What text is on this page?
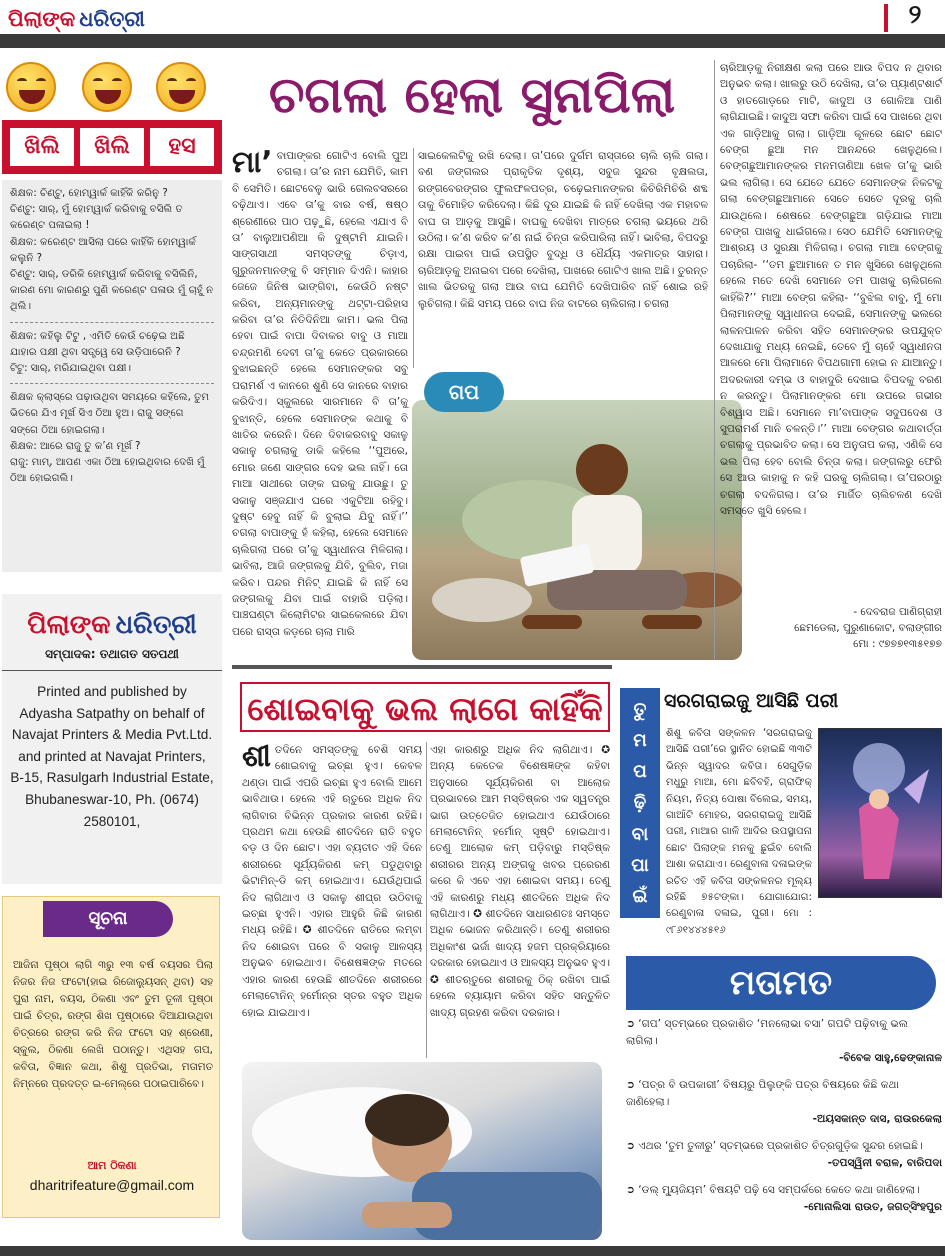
ପିଲାଙ୍କ ଧରିତ୍ରୀ	୨
ଖିଲି	ଖିଲି	ହସ

ଶିକ୍ଷକ: ଚିଣ୍ଟୁ, ହୋମ୍‌ୱାର୍କ କାହିଁକି କରିନୁ ?

ଚିଣ୍ଟୁ: ସାର୍, ମୁଁ ହୋମ୍‌ୱାର୍କ କରିବାକୁ ବସିଲି ତ କରେଣ୍ଟ ପଳାଇଲା !

ଶିକ୍ଷକ: କରେଣ୍ଟ ଆସିଲା ପରେ କାହିଁକି ହୋମ୍‌ୱାର୍କ କଲୁନି ?

ଚିଣ୍ଟୁ: ସାର୍, ଡରିକି ହୋମ୍‌ୱାର୍କ କରିବାକୁ ବସିଲିନି, କାରଣ ମୋ କାରଣରୁ ପୁଣି କରେଣ୍ଟ ପଳାଉ ମୁଁ ଚାହୁଁ ନ ଥିଲି।

ଶିକ୍ଷକ: କହିଲୁ ଟିଟୁ , ଏମିତି କେଉଁ ଚଢ଼େଇ ଅଛି ଯାହାର ପକ୍ଷୀ ଥିବା ସତ୍ତ୍ୱେ ସେ ଉଡ଼ିପାରେନି ?

ଟିଟୁ: ସାର୍, ମରିଯାଇଥିବା ପକ୍ଷୀ।

ଶିକ୍ଷକ କ୍ଲାସ୍‌ରେ ପଢ଼ାଉଥିବା ସମୟରେ କହିଲେ, ତୁମ ଭିତରେ ଯିଏ ମୂର୍ଖ ସିଏ ଠିଆ ହୁଅ। ରାଜୁ ସଙ୍ଗେ ସଙ୍ଗେ ଠିଆ ହୋଇଗଲା।

ଶିକ୍ଷକ: ଆରେ ରାଜୁ ତୁ କ’ଣ ମୂର୍ଖ ?

ରାଜୁ: ମାମ୍, ଆପଣ ଏକା ଠିଆ ହୋଇଥିବାର ଦେଖି ମୁଁ ଠିଆ ହୋଇଗଲି।

ପିଲାଙ୍କ ଧରିତ୍ରୀ
ସମ୍ପାଦକ: ତଥାଗତ ସତପଥୀ
Printed and published by Adyasha Satpathy on behalf of Navajat Printers & Media Pvt.Ltd. and printed at Navajat Printers, B-15, Rasulgarh Industrial Estate, Bhubaneswar-10, Ph. (0674) 2580101,
ସୂଚନା
ଆଜିନା ପୃଷ୍ଠା ଲାଗି ୩ରୁ ୧୩ ବର୍ଷ ବୟସର ପିଲା ନିଜର ନିଜ ଫଟୋ(ହାଇ ରିଜୋଲ୍ୟୁସନ୍ ଥିବା) ସହ ପୁରା ନାମ, ବୟସ, ଠିକଣା ଏବଂ ତୁମ ତୂଳୀ ପୃଷ୍ଠା ପାଇଁ ଚିତ୍ର, ରଙ୍ଗ ଶିଖ ପୃଷ୍ଠାରେ ଦିଆଯାଉଥିବା ଚିତ୍ରରେ ରଙ୍ଗ କରି ନିଜ ଫଟୋ ସହ ଶ୍ରେଣୀ, ସ୍କୁଲ, ଠିକଣା ଲେଖି ପଠାନ୍ତୁ। ଏଥିସହ ଗପ, କବିତା, ବିଜ୍ଞାନ କଥା, ଶିଶୁ ପ୍ରତିଭା, ମତାମତ ନିମ୍ନରେ ପ୍ରଦତ୍ତ ଇ-ମେଲ୍‌ରେ ପଠାଇପାରିବେ।
ଆମ ଠିକଣା
dharitrifeature@gmail.com
ଚଗଲା ହେଲା ସୁନାପିଲା
ମା’ ବାପାଙ୍କର ଗୋଟିଏ ବୋଲି ପୁଅ ଚଗଲା। ତା’ର ନାମ ଯେମିତି, କାମ ବି ସେମିତି। ଛୋଟବେଳୁ ଭାରି ଗେଲବସରରେ ବଢ଼ିଥାଏ। ଏବେ ତା’କୁ ବାର ବର୍ଷ, ଷଷ୍ଠ ଶ୍ରେଣୀରେ ପାଠ ପଢ଼ୁଛି, ହେଲେ ଏଯାଏ ବି ତା’ ବାଲୁଆପଣିଆ କି ଦୁଷ୍ଟାମି ଯାଇନି। ସାଙ୍ଗସାଥୀ ସମସ୍ତଙ୍କୁ ଚିଡ଼ାଏ, ଗୁରୁଜନମାନଙ୍କୁ ବି ସମ୍ମାନ ଦିଏନି। କାହାର ଜେଜେ ଜିନିଷ ଭାଙ୍ଗିବା, କେଉଁଠି ନଷ୍ଟ କରିବା, ଅନ୍ୟମାନଙ୍କୁ ଥଟ୍ଟା-ପରିହାସ କରିବା ତା’ର ନିତିଦିନିଆ କାମ। ଭଲ ପିଲା ହେବା ପାଇଁ ବାପା ଦିବାକର ବାବୁ ଓ ମାଆ ଚନ୍ଦ୍ରମଣି ଦେବୀ ତା’କୁ କେତେ ପ୍ରକାରରେ ବୁଝାଇଛନ୍ତି ହେଲେ ସେମାନଙ୍କର ସବୁ ପରାମର୍ଶ ଏ କାନରେ ଶୁଣି ସେ କାନରେ ବାହାର କରିଦିଏ। ସ୍କୁଲରେ ସାରମାନେ ବି ତା’କୁ ବୁଝାନ୍ତି, ହେଲେ ସେମାନଙ୍କ କଥାକୁ ବି ଖାତିର କରେନି। ଦିନେ ଦିବାକରବାବୁ ସକାଳୁ ସକାଳୁ ଚଗଲାକୁ ଡାକି କହିଲେ ‘‘ପୁଅରେ, ମୋର ଜଣେ ସାଙ୍ଗର ଦେହ ଭଲ ନାହିଁ। ତୋ ମାଆ ସାଥୀରେ ତାଙ୍କ ଘରକୁ ଯାଉଛୁ। ତୁ ସକାଳୁ ସଞ୍ଜଯାଏ ଘରେ ଏକୁଟିଆ ରହିବୁ। ଦୁଷ୍ଟ ହେବୁ ନାହିଁ କି ବୁଲାଇ ଯିବୁ ନାହିଁ।’’ ଚଗଲା ବାପାଙ୍କୁ ହଁ କହିଲା, ହେଲେ ସେମାନେ ଚାଲିଗଲା ପରେ ତା’କୁ ସ୍ୱାଧୀନତା ମିଳିଗଲା। ଭାବିଲା, ଆଜି ଜଙ୍ଗଲକୁ ଯିବି, ବୁଲିବ, ମଜା କରିବ। ପନ୍ଦର ମିନିଟ୍ ଯାଇଛି କି ନାହିଁ ସେ ଜଙ୍ଗଲକୁ ଯିବା ପାଇଁ ବାହାରି ପଡ଼ିଲା। ପାଞ୍ଚଘଣ୍ଟା କିଲୋମିଟର ସାଇକେଲରେ ଯିବା ପରେ ରାସ୍ତା କଡ଼ରେ ଚାଲା ମାରି
ସାଇକେଲଟିକୁ ରଖି ଦେଲା। ତା’ପରେ ଦୁର୍ଗମ ରାସ୍ତାରେ ଚାଲି ଚାଲି ଗଲା। ବଣ ଜଙ୍ଗଲର ପ୍ରାକୃତିକ ଦୃଶ୍ୟ, ସବୁଜ ସୁନ୍ଦର ବୃକ୍ଷଲତା, ରଙ୍ଗବେରଙ୍ଗର ଫୁଲଫଳପତ୍ର, ଚଢ଼େଇମାନଙ୍କର କିଚିରିମିଚିରି ଶବ୍ଦ ତାକୁ ବିମୋହିତ କରିଦେଲା। କିଛି ଦୂର ଯାଇଛି କି ନାହିଁ ଦେଖିଲା ଏକ ମହାବଳ ବାଘ ତା ଆଡ଼କୁ ଆସୁଛି। ବାଘକୁ ଦେଖିବା ମାତ୍ରେ ଚଗଲା ଭୟରେ ଥରି ଉଠିଲା। କ’ଣ କରିବ କ’ଣ ନାଇଁ ଚିନ୍ତା କରିପାରିଲା ନାହିଁ। ଭାବିଲା, ବିପଦରୁ ରକ୍ଷା ପାଇବା ପାଇଁ ଉପସ୍ଥିତ ବୁଦ୍ଧି ଓ ଧୈର୍ଯ୍ୟ ଏକମାତ୍ର ସାହାରା। ଚାରିଆଡ଼କୁ ଅନାଇବା ପରେ ଦେଖିଲା, ପାଖରେ ଗୋଟିଏ ଖାଲ ଅଛି। ତୁରନ୍ତ ଖାଲ ଭିତରକୁ ଗଲା ଆଉ ବାଘ ଯେମିତି ଦେଖିପାରିବ ନାହିଁ ଶୋଇ ରହି ଲୁଚିଗଲା। କିଛି ସମୟ ପରେ ବାଘ ନିଜ ବାଟରେ ଚାଲିଗଲା। ଚଗଲା
ଗପ
ଚାରିଆଡ଼କୁ ନିରୀକ୍ଷଣ କଲା ପରେ ଆଉ ବିପଦ ନ ଥିବାର ଅନୁଭବ କଲା। ଖାଲରୁ ଉଠି ଦେଖିଲା, ତା’ର ପ୍ୟାଣ୍ଟଶାର୍ଟ ଓ ହାତଗୋଡ଼ରେ ମାଟି, କାଦୁଅ ଓ ଗୋଳିଆ ପାଣି ଲାଗିଯାଇଛି। କାଦୁଅ ସଫା କରିବା ପାଇଁ ସେ ପାଖରେ ଥିବା ଏକ ଗାଡ଼ିଆକୁ ଗଲା। ଗାଡ଼ିଆ କୂଳରେ ଛୋଟ ଛୋଟ ବେଙ୍ଗ ଛୁଆ ମନ ଆନନ୍ଦରେ ଖେଳୁଥିଲେ। ବେଙ୍ଗଛୁଆମାନଙ୍କର ମନମତାଣିଆ ଖେଳ ତା’କୁ ଭାରି ଭଲ ଲାଗିଲା। ସେ ଯେତେ ଯେତେ ସେମାନଙ୍କ ନିକଟକୁ ଗଲା ବେଙ୍ଗଛୁଆମାନେ ସେତେ ସେତେ ଦୂରକୁ ଚାଲି ଯାଉଥିଲେ। ଶେଷରେ ବେଙ୍ଗଛୁଆ ଗଡ଼ିଯାଇ ମାଆ ବେଙ୍ଗ ପାଖକୁ ଧାଇଁଗଲେ। ସେଠ ଯେମିତି ସେମାନଙ୍କୁ ଆଶ୍ରୟ ଓ ସୁରକ୍ଷା ମିଳିଗଲା। ଚଗଲା ମାଆ ବେଙ୍ଗକୁ ପଚାରିଲା- ‘‘ତମ ଛୁଆମାନେ ତ ମନ ଖୁସିରେ ଖେଳୁଥିଲେ ହେଲେ ମତେ ଦେଖି ସେମାନେ ତମ ପାଖକୁ ଚାଲିଗଲେ କାହିଁକି?’’ ମାଆ ବେଙ୍ଗ କହିଲା- ‘‘ବୁଝିଲ ବାବୁ, ମୁଁ ମୋ ପିଲାମାନଙ୍କୁ ସ୍ୱାଧୀନତା ଦେଇଛି, ସେମାନଙ୍କୁ ଭଲରେ ଲାଳନପାଳନ କରିବା ସହିତ ସେମାନଙ୍କର ଉପଯୁକ୍ତ ଦେଖାଯାକୁ ମଧ୍ୟ ନେଇଛି, ତେବେ ମୁଁ ଚାହେଁ ସ୍ୱାଧୀନତା ଆଳରେ ମୋ ପିଲାମାନେ ବିପଥଗାମୀ ହୋଇ ନ ଯାଆନ୍ତୁ। ଅଦରକାରୀ ଦମ୍ଭ ଓ ବାହାଦୁରି ଦେଖାଇ ବିପଦକୁ ବରଣ ନ କରନ୍ତୁ। ପିଲାମାନଙ୍କର ମୋ ଉପରେ ଗଭୀର ବିଶ୍ୱାସ ଅଛି। ସେମାନେ ମା’ବାପାଙ୍କ ସଦୁପଦେଶ ଓ ସୁପରାମର୍ଶ ମାନି ଚଳନ୍ତି।’’ ମାଆ ବେଙ୍ଗର କଥାବାର୍ତ୍ତା ଚଗଲାକୁ ପ୍ରଭାବିତ କଲା। ସେ ଅନୁତାପ କଲା, ଏଣିକି ସେ ଭଲ ପିଲା ହେବ ବୋଲି ଚିନ୍ତା କଲା। ଜଙ୍ଗଲରୁ ଫେରି ସେ ଆଉ କାହାକୁ ନ କହି ଘରକୁ ଚାଲିଗଲା। ତା’ପରଠାରୁ ଚଗଲା ବଦଳିଗଲା। ତା’ର ମାର୍ଜିତ ଚାଲିଚଳଣ ଦେଖି ସମସ୍ତେ ଖୁସି ହେଲେ।
- ଦେବରାଜ ପାଣିଗ୍ରାହୀ
ଛେମଡେଲା, ପୁରୁଣାକୋଟ, ବଲାଙ୍ଗୀର
ମୋ : ୯୭୭୭୧୩୫୧୭୭
ଶୋଇବାକୁ ଭଲ ଲାଗେ କାହିଁକି
ଶୀତଦିନେ ସମସ୍ତଙ୍କୁ ବେଶି ସମୟ ଶୋଇବାକୁ ଇଚ୍ଛା ହୁଏ। କେବଳ ଥଣ୍ଡା ପାଇଁ ଏପରି ଇଚ୍ଛା ହୁଏ ବୋଲି ଆମେ ଭାବିଥାଉ। ହେଲେ ଏହି ଋତୁରେ ଅଧିକ ନିଦ ଲାଗିବାର ବିଭିନ୍ନ ପ୍ରକାର କାରଣ ରହିଛି। ପ୍ରଥମ କଥା ହେଉଛି ଶୀତଦିନେ ରାତି ବହୁତ ବଡ଼ ଓ ଦିନ ଛୋଟ। ଏହା ବ୍ୟତୀତ ଏହି ଦିନେ ଶରୀରରେ ସୂର୍ଯ୍ୟକିରଣ କମ୍ ପଡୁଥିବାରୁ ଭିଟାମିନ୍-ଡି କମ୍ ହୋଇଥାଏ। ଯେଉଁଥିପାଇଁ ନିଦ ଲାଗିଥାଏ ଓ ସକାଳୁ ଶୀଘ୍ର ଉଠିବାକୁ ଇଚ୍ଛା ହୁଏନି। ଏହାର ଆହୁରି କିଛି କାରଣ ମଧ୍ୟ ରହିଛି। ✪ ଶୀତଦିନେ ରାତିରେ ଲମ୍ବା ନିଦ ଶୋଇବା ପରେ ବି ସକାଳୁ ଆଳସ୍ୟ ଅନୁଭବ ହୋଇଥାଏ। ବିଶେଷଜ୍ଞଙ୍କ ମତରେ ଏହାର କାରଣ ହେଉଛି ଶୀତଦିନେ ଶରୀରରେ ମେଲାଟୋନିନ୍ ହର୍ମୋନ୍ର ସ୍ତର ବହୁତ ଅଧିକ ହୋଇ ଯାଇଥାଏ।
ଏହା କାରଣରୁ ଅଧିକ ନିଦ ଲାଗିଥାଏ। ✪ ଅନ୍ୟ କେତେକ ବିଶେଷଜ୍ଞଙ୍କ କହିବା ଅନୁସାରେ ସୂର୍ଯ୍ୟକିରଣ ବା ଆଲୋକ ପ୍ରଭାବରେ ଆମ ମସ୍ତିଷ୍କର ଏକ ସ୍ୱତନ୍ତ୍ର ଭାଗ ଉତ୍ତେଜିତ ହୋଇଥାଏ ଯେଉଁଠାରେ ମେଲାଟୋନିନ୍ ହର୍ମୋନ୍ ସୃଷ୍ଟି ହୋଇଥାଏ। ତେଣୁ ଆଲୋକ କମ୍ ପଡ଼ିବାରୁ ମସ୍ତିଷ୍କ ଶରୀରର ଅନ୍ୟ ଅଙ୍ଗକୁ ଖବର ପ୍ରେରଣ କରେ କି ଏବେ ଏହା ଶୋଇବା ସମୟ। ତେଣୁ ଏହି କାରଣରୁ ମଧ୍ୟ ଶୀତଦିନେ ଅଧିକ ନିଦ ଲାଗିଥାଏ। ✪ ଶୀତଦିନେ ସାଧାରଣତଃ ସମସ୍ତେ ଅଧିକ ଭୋଜନ କରିଥାନ୍ତି। ତେଣୁ ଶରୀରର ଅଧିକାଂଶ ଭର୍ଜା ଖାଦ୍ୟ ହଜମ ପ୍ରକ୍ରିୟାରେ ଦରକାର ହୋଇଥାଏ ଓ ଆଳସ୍ୟ ଅନୁଭବ ହୁଏ। ✪ ଶୀତଋତୁରେ ଶରୀରକୁ ଠିକ୍ ରଖିବା ପାଇଁ ହେଲେ ବ୍ୟାୟାମ କରିବା ସହିତ ସନ୍ତୁଳିତ ଖାଦ୍ୟ ଗ୍ରହଣ କରିବା ଦରକାର।
ତୁ
ମ
ପ
ଢ଼ି
ବା
ପା
ଇଁ
ସରଗରାଇଜୁ ଆସିଛି ପରୀ
ଶିଶୁ କବିତା ସଙ୍କଳନ ‘ସରଗରାଇଜୁ ଆସିଛି ପରୀ’ରେ ସ୍ଥାନିତ ହୋଇଛି ୩୩ଟି ଭିନ୍ନ ସ୍ୱାଦର କବିତା। ସେଗୁଡ଼ିକ ମଧୁରୁ ମାଆ, ମୋ ଛବିବହି, ଗ୍ରାଫିକ୍ ନିୟମ, ନିତ୍ୟ ପୋଷା ବିଲେଇ, ସମୟ, ଗାଆଁଟି ମୋହର, ସରଗରାଇଜୁ ଆସିଛି ପରୀ, ମାଆର ଗାଳି ଆଦିର ଉପସ୍ଥାପନା ଛୋଟ ପିଲାଙ୍କ ମନକୁ ଛୁଇଁବ ବୋଲି ଆଶା କରାଯାଏ। ରେଣୁବାଳା ଦଳାଇଙ୍କ ରଚିତ ଏହି କବିତା ସଙ୍କଳନର ମୂଲ୍ୟ ରହିଛି ୭୫ଟଙ୍କା। ଯୋଗାଯୋଗ: ରେଣୁବାଳା ଦଳାଇ, ପୁରୀ। ମୋ : ୯୮୬୧୪୪୪୫୧୬
ମତାମତ

➲ ‘ଗପ’ ସ୍ତମ୍ଭରେ ପ୍ରକାଶିତ ‘ମନଲୋଭା ବସା’ ଗପଟି ପଢ଼ିବାକୁ ଭଲ ଲାଗିଲା।

-ବିବେକ ସାହୁ,ଢେଙ୍କାନାଳ

➲ ‘ପତ୍ର ବି ଉପକାରୀ’ ବିଷୟରୁ ପିଲୁଙ୍କି ପତ୍ର ବିଷୟରେ କିଛି କଥା ଜାଣିହେଲା।

-ଅୟସକାନ୍ତ ଦାସ, ରାଉରକେଲା

➲ ଏଥର ‘ତୁମ ତୁଳୀରୁ’ ସ୍ତମ୍ଭରେ ପ୍ରକାଶିତ ଚିତ୍ରଗୁଡ଼ିକ ସୁନ୍ଦର ହୋଇଛି।

-ତପସ୍ୱିନୀ ବରାଳ, ବାରିପଦା

➲ ‘ଡଲ୍ ମ୍ୟୁଜିୟମ’ ବିଷୟଟି ପଢ଼ି ସେ ସମ୍ପର୍କରେ କେତେ କଥା ଜାଣିହେଲା।

-ମୋନାଲିସା ରାଉତ, ଜଗତ୍‌ସିଂହପୁର
